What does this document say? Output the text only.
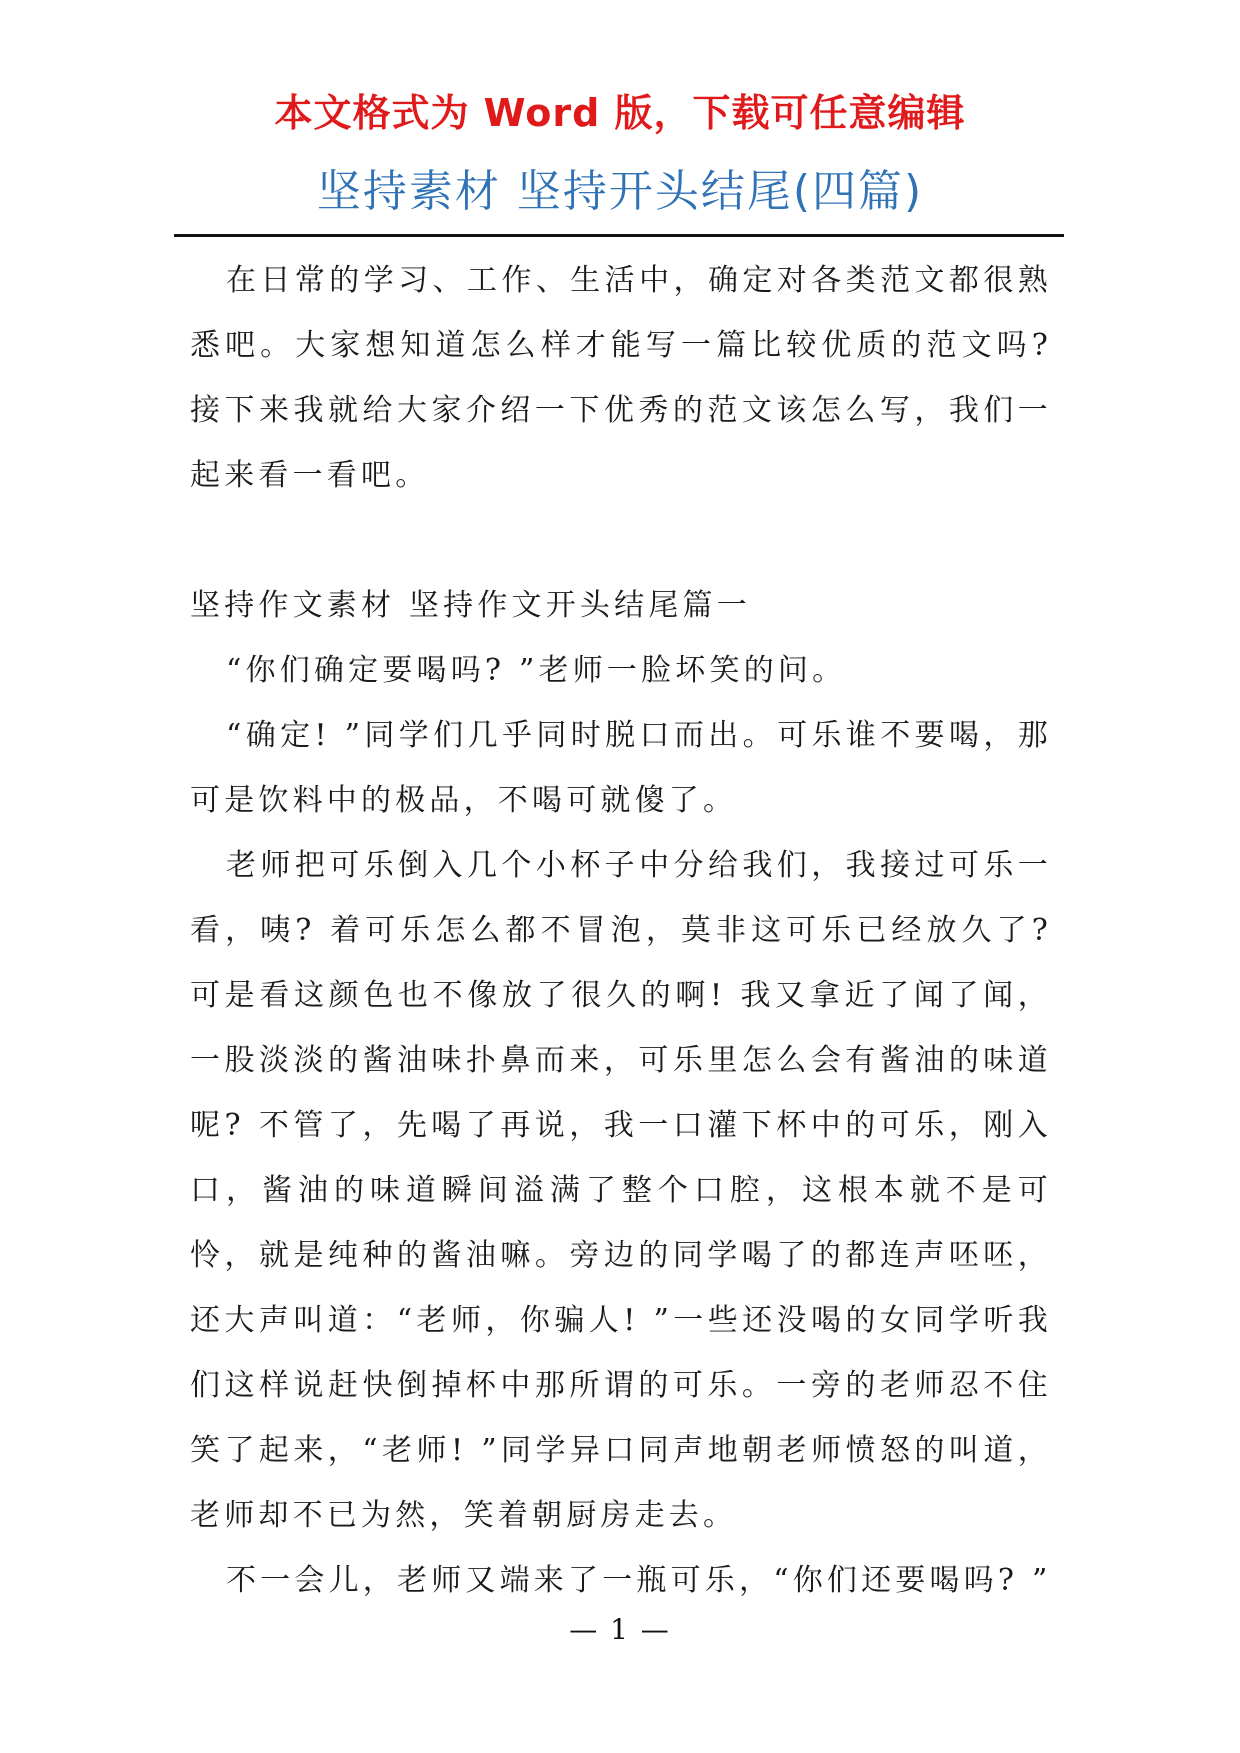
本文格式为 Word 版，下载可任意编辑
坚持素材 坚持开头结尾(四篇)

在日常的学习、工作、生活中，确定对各类范文都很熟悉吧。大家想知道怎么样才能写一篇比较优质的范文吗?接下来我就给大家介绍一下优秀的范文该怎么写，我们一起来看一看吧。

坚持作文素材 坚持作文开头结尾篇一

“你们确定要喝吗? ”老师一脸坏笑的问。

“确定! ”同学们几乎同时脱口而出。可乐谁不要喝，那可是饮料中的极品，不喝可就傻了。

老师把可乐倒入几个小杯子中分给我们，我接过可乐一看，咦? 着可乐怎么都不冒泡，莫非这可乐已经放久了? 可是看这颜色也不像放了很久的啊! 我又拿近了闻了闻，一股淡淡的酱油味扑鼻而来，可乐里怎么会有酱油的味道呢? 不管了，先喝了再说，我一口灌下杯中的可乐，刚入口，酱油的味道瞬间溢满了整个口腔，这根本就不是可怜，就是纯种的酱油嘛。旁边的同学喝了的都连声呸呸，还大声叫道：“老师，你骗人! ”一些还没喝的女同学听我们这样说赶快倒掉杯中那所谓的可乐。一旁的老师忍不住笑了起来，“老师! ”同学异口同声地朝老师愤怒的叫道，老师却不已为然，笑着朝厨房走去。

不一会儿，老师又端来了一瓶可乐，“你们还要喝吗? ”

— 1 —
